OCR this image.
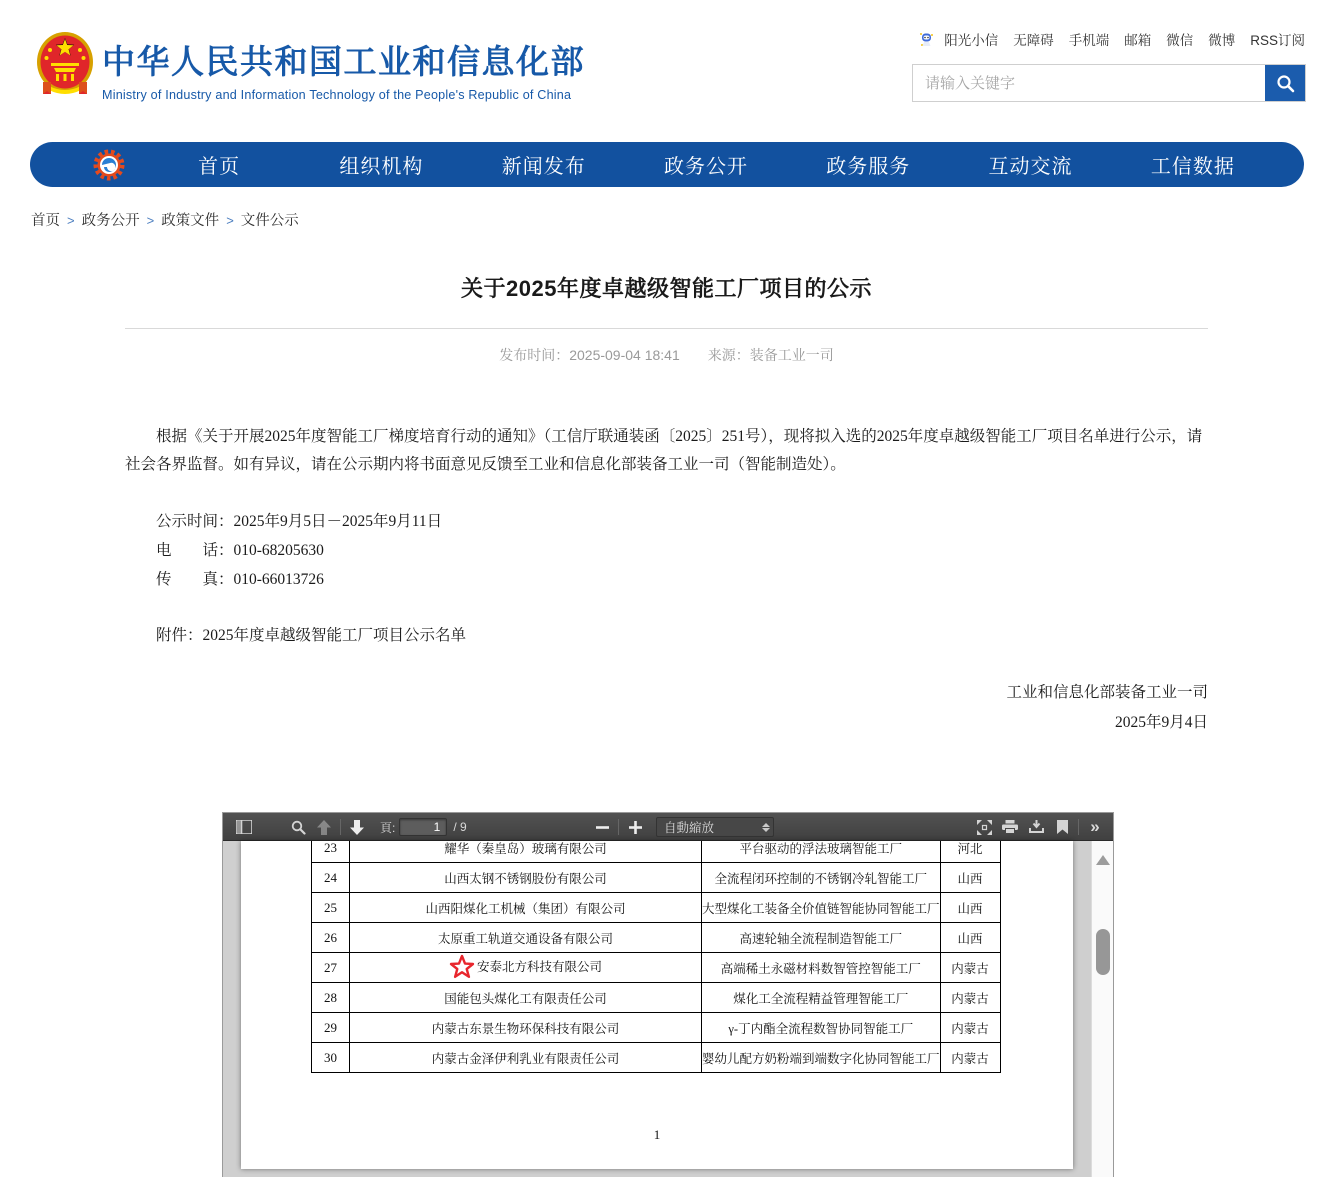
中华人民共和国工业和信息化部
Ministry of Industry and Information Technology of the People's Republic of China
阳光小信 无障碍 手机端 邮箱 微信 微博 RSS订阅
请输入关键字
首页	组织机构	新闻发布	政务公开	政务服务	互动交流	工信数据
首页 > 政务公开 > 政策文件 > 文件公示
关于2025年度卓越级智能工厂项目的公示
发布时间：2025-09-04 18:41 来源：装备工业一司

根据《关于开展2025年度智能工厂梯度培育行动的通知》（工信厅联通装函〔2025〕251号），现将拟入选的2025年度卓越级智能工厂项目名单进行公示，请社会各界监督。如有异议，请在公示期内将书面意见反馈至工业和信息化部装备工业一司（智能制造处）。

公示时间：2025年9月5日－2025年9月11日

电　　话：010-68205630

传　　真：010-66013726

附件：2025年度卓越级智能工厂项目公示名单

工业和信息化部装备工业一司
2025年9月4日
頁:
1	/ 9	自動縮放	»
23	耀华（秦皇岛）玻璃有限公司	平台驱动的浮法玻璃智能工厂	河北
24	山西太钢不锈钢股份有限公司	全流程闭环控制的不锈钢冷轧智能工厂	山西
25	山西阳煤化工机械（集团）有限公司	大型煤化工装备全价值链智能协同智能工厂	山西
26	太原重工轨道交通设备有限公司	高速轮轴全流程制造智能工厂	山西
27	安泰北方科技有限公司	高端稀土永磁材料数智管控智能工厂	内蒙古
28	国能包头煤化工有限责任公司	煤化工全流程精益管理智能工厂	内蒙古
29	内蒙古东景生物环保科技有限公司	γ-丁内酯全流程数智协同智能工厂	内蒙古
30	内蒙古金泽伊利乳业有限责任公司	婴幼儿配方奶粉端到端数字化协同智能工厂	内蒙古
1
